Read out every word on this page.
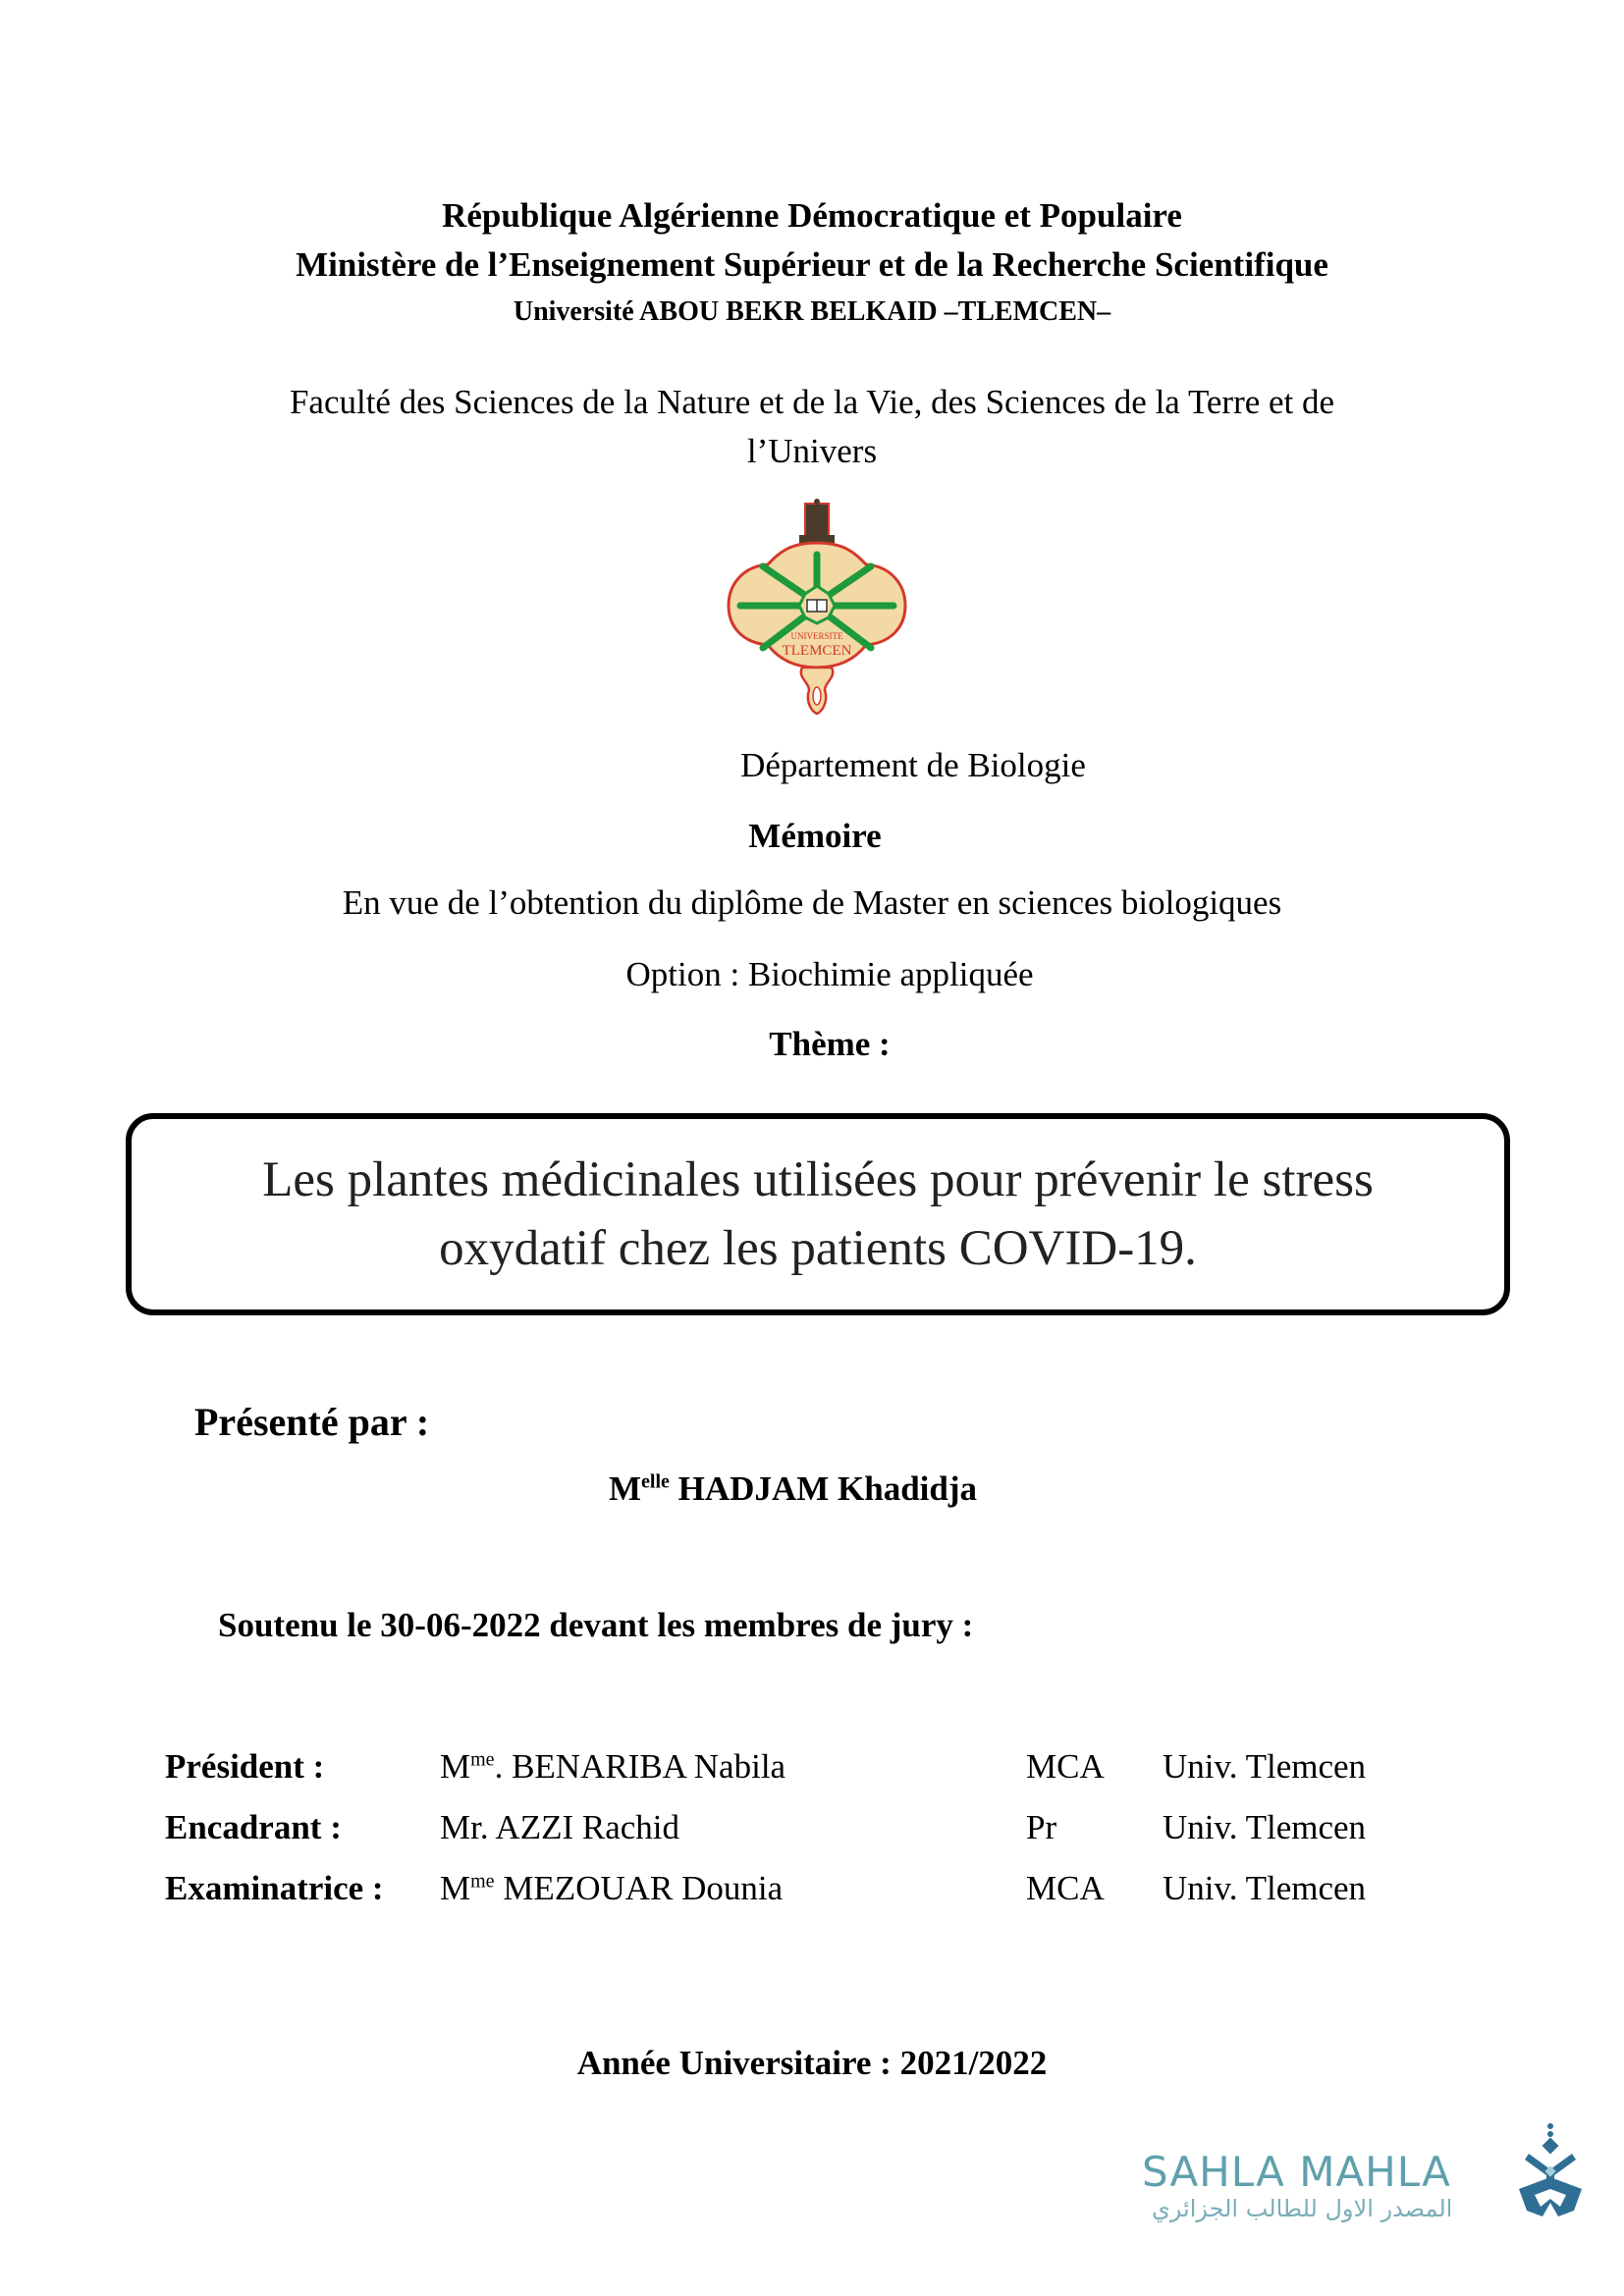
République Algérienne Démocratique et Populaire
Ministère de l’Enseignement Supérieur et de la Recherche Scientifique
Université ABOU BEKR BELKAID –TLEMCEN–
Faculté des Sciences de la Nature et de la Vie, des Sciences de la Terre et de
l’Univers
UNIVERSITE
TLEMCEN
Département de Biologie
Mémoire
En vue de l’obtention du diplôme de Master en sciences biologiques
Option : Biochimie appliquée
Thème :
Les plantes médicinales utilisées pour prévenir le stress
oxydatif chez les patients COVID-19.
Présenté par :
$M^{elle}$ HADJAM Khadidja
Soutenu le 30-06-2022 devant les membres de jury :
Président :	$M^{me}$. BENARIBA Nabila	MCA Univ. Tlemcen
Encadrant :	Mr. AZZI Rachid	Pr	Univ. Tlemcen
Examinatrice : $M^{me}$ MEZOUAR Dounia	MCA Univ. Tlemcen
Année Universitaire : 2021/2022
SAHLA MAHLA
المصدر الاول للطالب الجزائري
